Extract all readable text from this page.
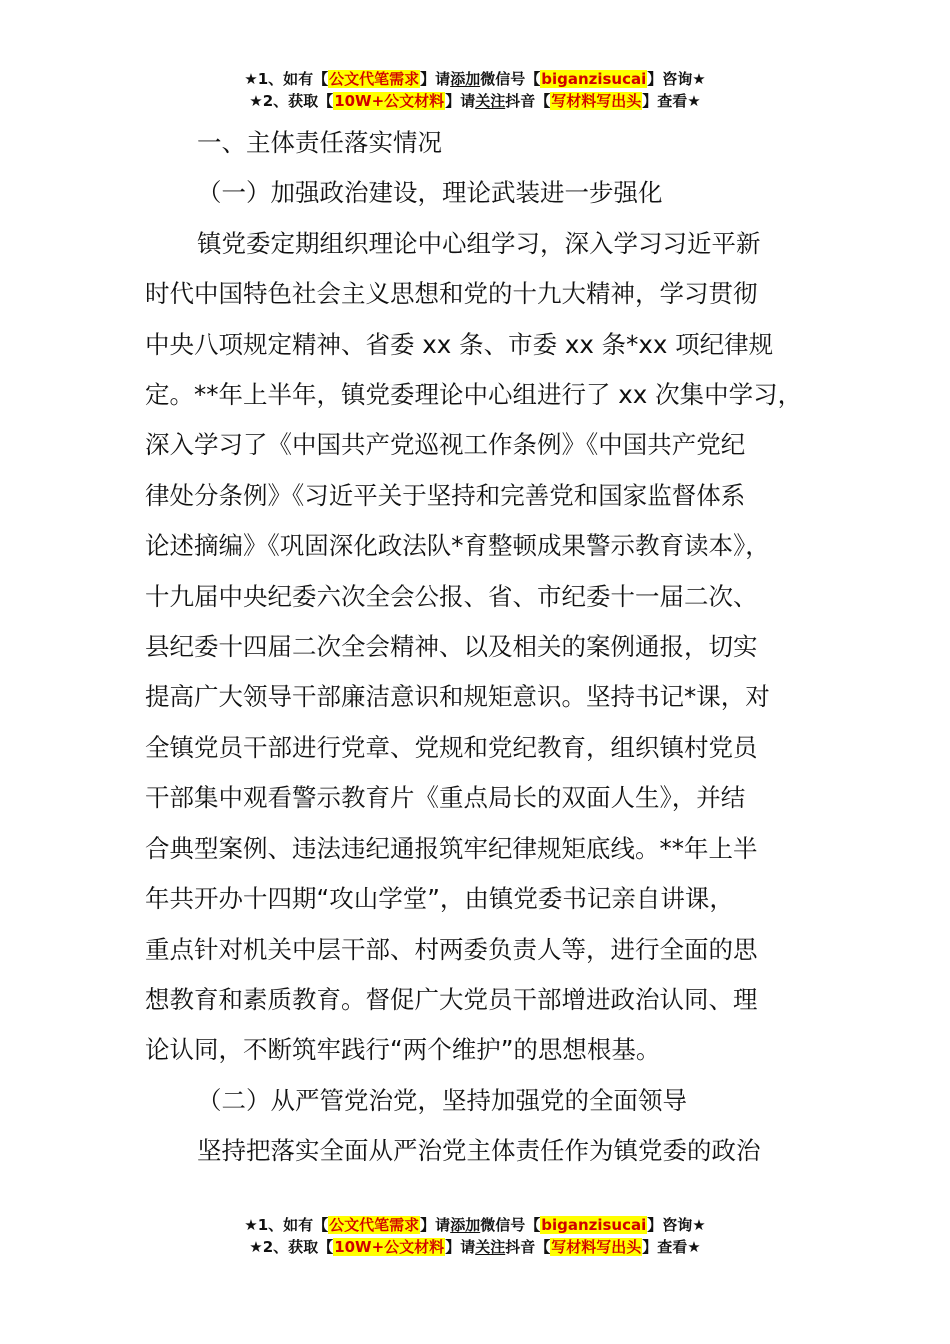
★1、如有【公文代笔需求】请添加微信号【biganzisucai】咨询★
★2、获取【10W+公文材料】请关注抖音【写材料写出头】查看★

一、主体责任落实情况

（一）加强政治建设，理论武装进一步强化

镇党委定期组织理论中心组学习，深入学习习近平新

时代中国特色社会主义思想和党的十九大精神，学习贯彻

中央八项规定精神、省委 xx 条、市委 xx 条*xx 项纪律规

定。**年上半年，镇党委理论中心组进行了 xx 次集中学习，

深入学习了《中国共产党巡视工作条例》《中国共产党纪

律处分条例》《习近平关于坚持和完善党和国家监督体系

论述摘编》《巩固深化政法队*育整顿成果警示教育读本》，

十九届中央纪委六次全会公报、省、市纪委十一届二次、

县纪委十四届二次全会精神、以及相关的案例通报，切实

提高广大领导干部廉洁意识和规矩意识。坚持书记*课，对

全镇党员干部进行党章、党规和党纪教育，组织镇村党员

干部集中观看警示教育片《重点局长的双面人生》，并结

合典型案例、违法违纪通报筑牢纪律规矩底线。**年上半

年共开办十四期“攻山学堂”，由镇党委书记亲自讲课，

重点针对机关中层干部、村两委负责人等，进行全面的思

想教育和素质教育。督促广大党员干部增进政治认同、理

论认同，不断筑牢践行“两个维护”的思想根基。

（二）从严管党治党，坚持加强党的全面领导

坚持把落实全面从严治党主体责任作为镇党委的政治

★1、如有【公文代笔需求】请添加微信号【biganzisucai】咨询★
★2、获取【10W+公文材料】请关注抖音【写材料写出头】查看★
